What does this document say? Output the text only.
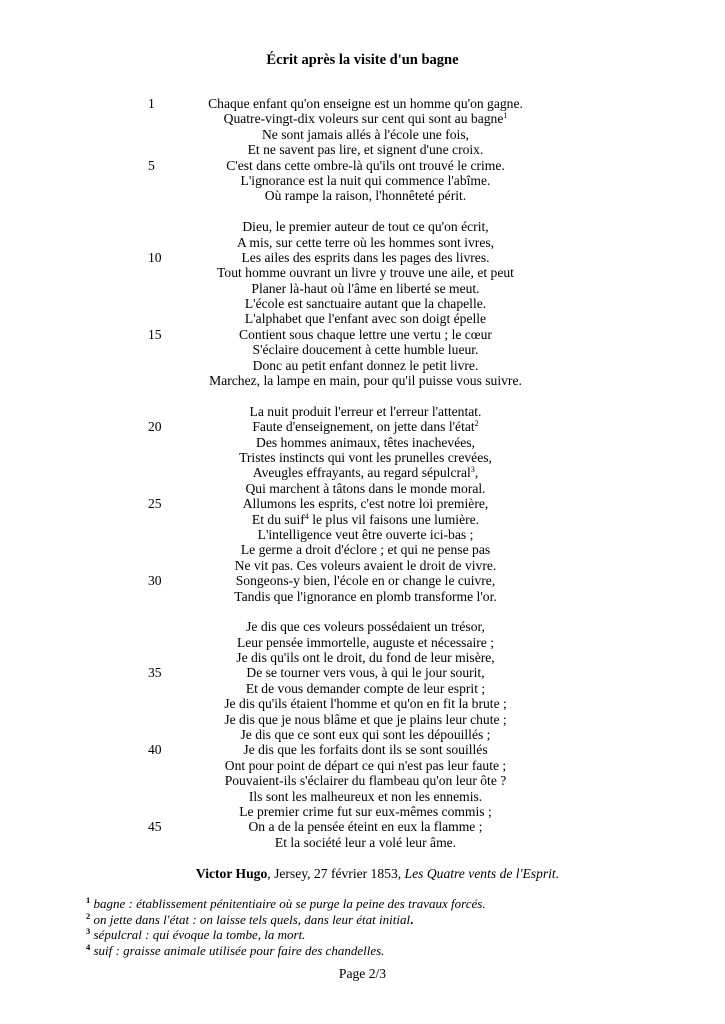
Écrit après la visite d'un bagne
1	Chaque enfant qu'on enseigne est un homme qu'on gagne.
Quatre-vingt-dix voleurs sur cent qui sont au bagne$^1$
Ne sont jamais allés à l'école une fois,
Et ne savent pas lire, et signent d'une croix.
5	C'est dans cette ombre-là qu'ils ont trouvé le crime.
L'ignorance est la nuit qui commence l'abîme.
Où rampe la raison, l'honnêteté périt.
Dieu, le premier auteur de tout ce qu'on écrit,
A mis, sur cette terre où les hommes sont ivres,
10	Les ailes des esprits dans les pages des livres.
Tout homme ouvrant un livre y trouve une aile, et peut
Planer là-haut où l'âme en liberté se meut.
L'école est sanctuaire autant que la chapelle.
L'alphabet que l'enfant avec son doigt épelle
15	Contient sous chaque lettre une vertu ; le cœur
S'éclaire doucement à cette humble lueur.
Donc au petit enfant donnez le petit livre.
Marchez, la lampe en main, pour qu'il puisse vous suivre.
La nuit produit l'erreur et l'erreur l'attentat.
20	Faute d'enseignement, on jette dans l'état$^2$
Des hommes animaux, têtes inachevées,
Tristes instincts qui vont les prunelles crevées,
Aveugles effrayants, au regard sépulcral$^3$,
Qui marchent à tâtons dans le monde moral.
25	Allumons les esprits, c'est notre loi première,
Et du suif$^4$ le plus vil faisons une lumière.
L'intelligence veut être ouverte ici-bas ;
Le germe a droit d'éclore ; et qui ne pense pas
Ne vit pas. Ces voleurs avaient le droit de vivre.
30	Songeons-y bien, l'école en or change le cuivre,
Tandis que l'ignorance en plomb transforme l'or.
Je dis que ces voleurs possédaient un trésor,
Leur pensée immortelle, auguste et nécessaire ;
Je dis qu'ils ont le droit, du fond de leur misère,
35	De se tourner vers vous, à qui le jour sourit,
Et de vous demander compte de leur esprit ;
Je dis qu'ils étaient l'homme et qu'on en fit la brute ;
Je dis que je nous blâme et que je plains leur chute ;
Je dis que ce sont eux qui sont les dépouillés ;
40	Je dis que les forfaits dont ils se sont souillés
Ont pour point de départ ce qui n'est pas leur faute ;
Pouvaient-ils s'éclairer du flambeau qu'on leur ôte ?
Ils sont les malheureux et non les ennemis.
Le premier crime fut sur eux-mêmes commis ;
45	On a de la pensée éteint en eux la flamme ;
Et la société leur a volé leur âme.
Victor Hugo, Jersey, 27 février 1853, Les Quatre vents de l'Esprit.
$^1$ bagne : établissement pénitentiaire où se purge la peine des travaux forcés.
$^2$ on jette dans l'état : on laisse tels quels, dans leur état initial.
$^3$ sépulcral : qui évoque la tombe, la mort.
$^4$ suif : graisse animale utilisée pour faire des chandelles.
Page 2/3
